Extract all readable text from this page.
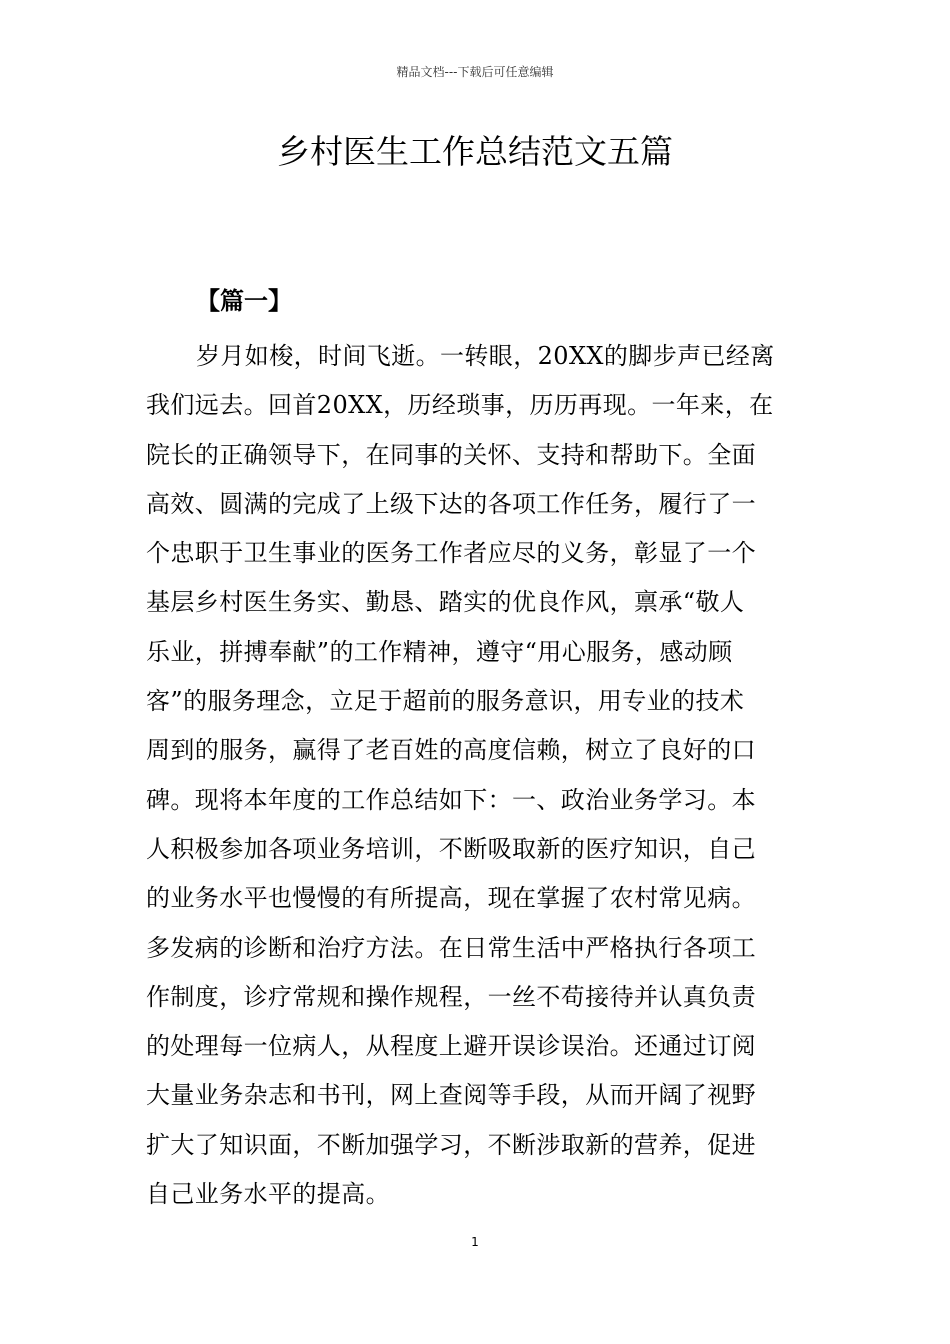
精品文档---下载后可任意编辑
乡村医生工作总结范文五篇
【篇一】
岁月如梭，时间飞逝。一转眼，20XX的脚步声已经离
我们远去。回首20XX，历经琐事，历历再现。一年来，在
院长的正确领导下，在同事的关怀、支持和帮助下。全面
高效、圆满的完成了上级下达的各项工作任务，履行了一
个忠职于卫生事业的医务工作者应尽的义务，彰显了一个
基层乡村医生务实、勤恳、踏实的优良作风，禀承“敬人
乐业，拼搏奉献”的工作精神，遵守“用心服务，感动顾
客”的服务理念，立足于超前的服务意识，用专业的技术
周到的服务，赢得了老百姓的高度信赖，树立了良好的口
碑。现将本年度的工作总结如下：一、政治业务学习。本
人积极参加各项业务培训，不断吸取新的医疗知识，自己
的业务水平也慢慢的有所提高，现在掌握了农村常见病。
多发病的诊断和治疗方法。在日常生活中严格执行各项工
作制度，诊疗常规和操作规程，一丝不苟接待并认真负责
的处理每一位病人，从程度上避开误诊误治。还通过订阅
大量业务杂志和书刊，网上查阅等手段，从而开阔了视野
扩大了知识面，不断加强学习，不断涉取新的营养，促进
自己业务水平的提高。
1
